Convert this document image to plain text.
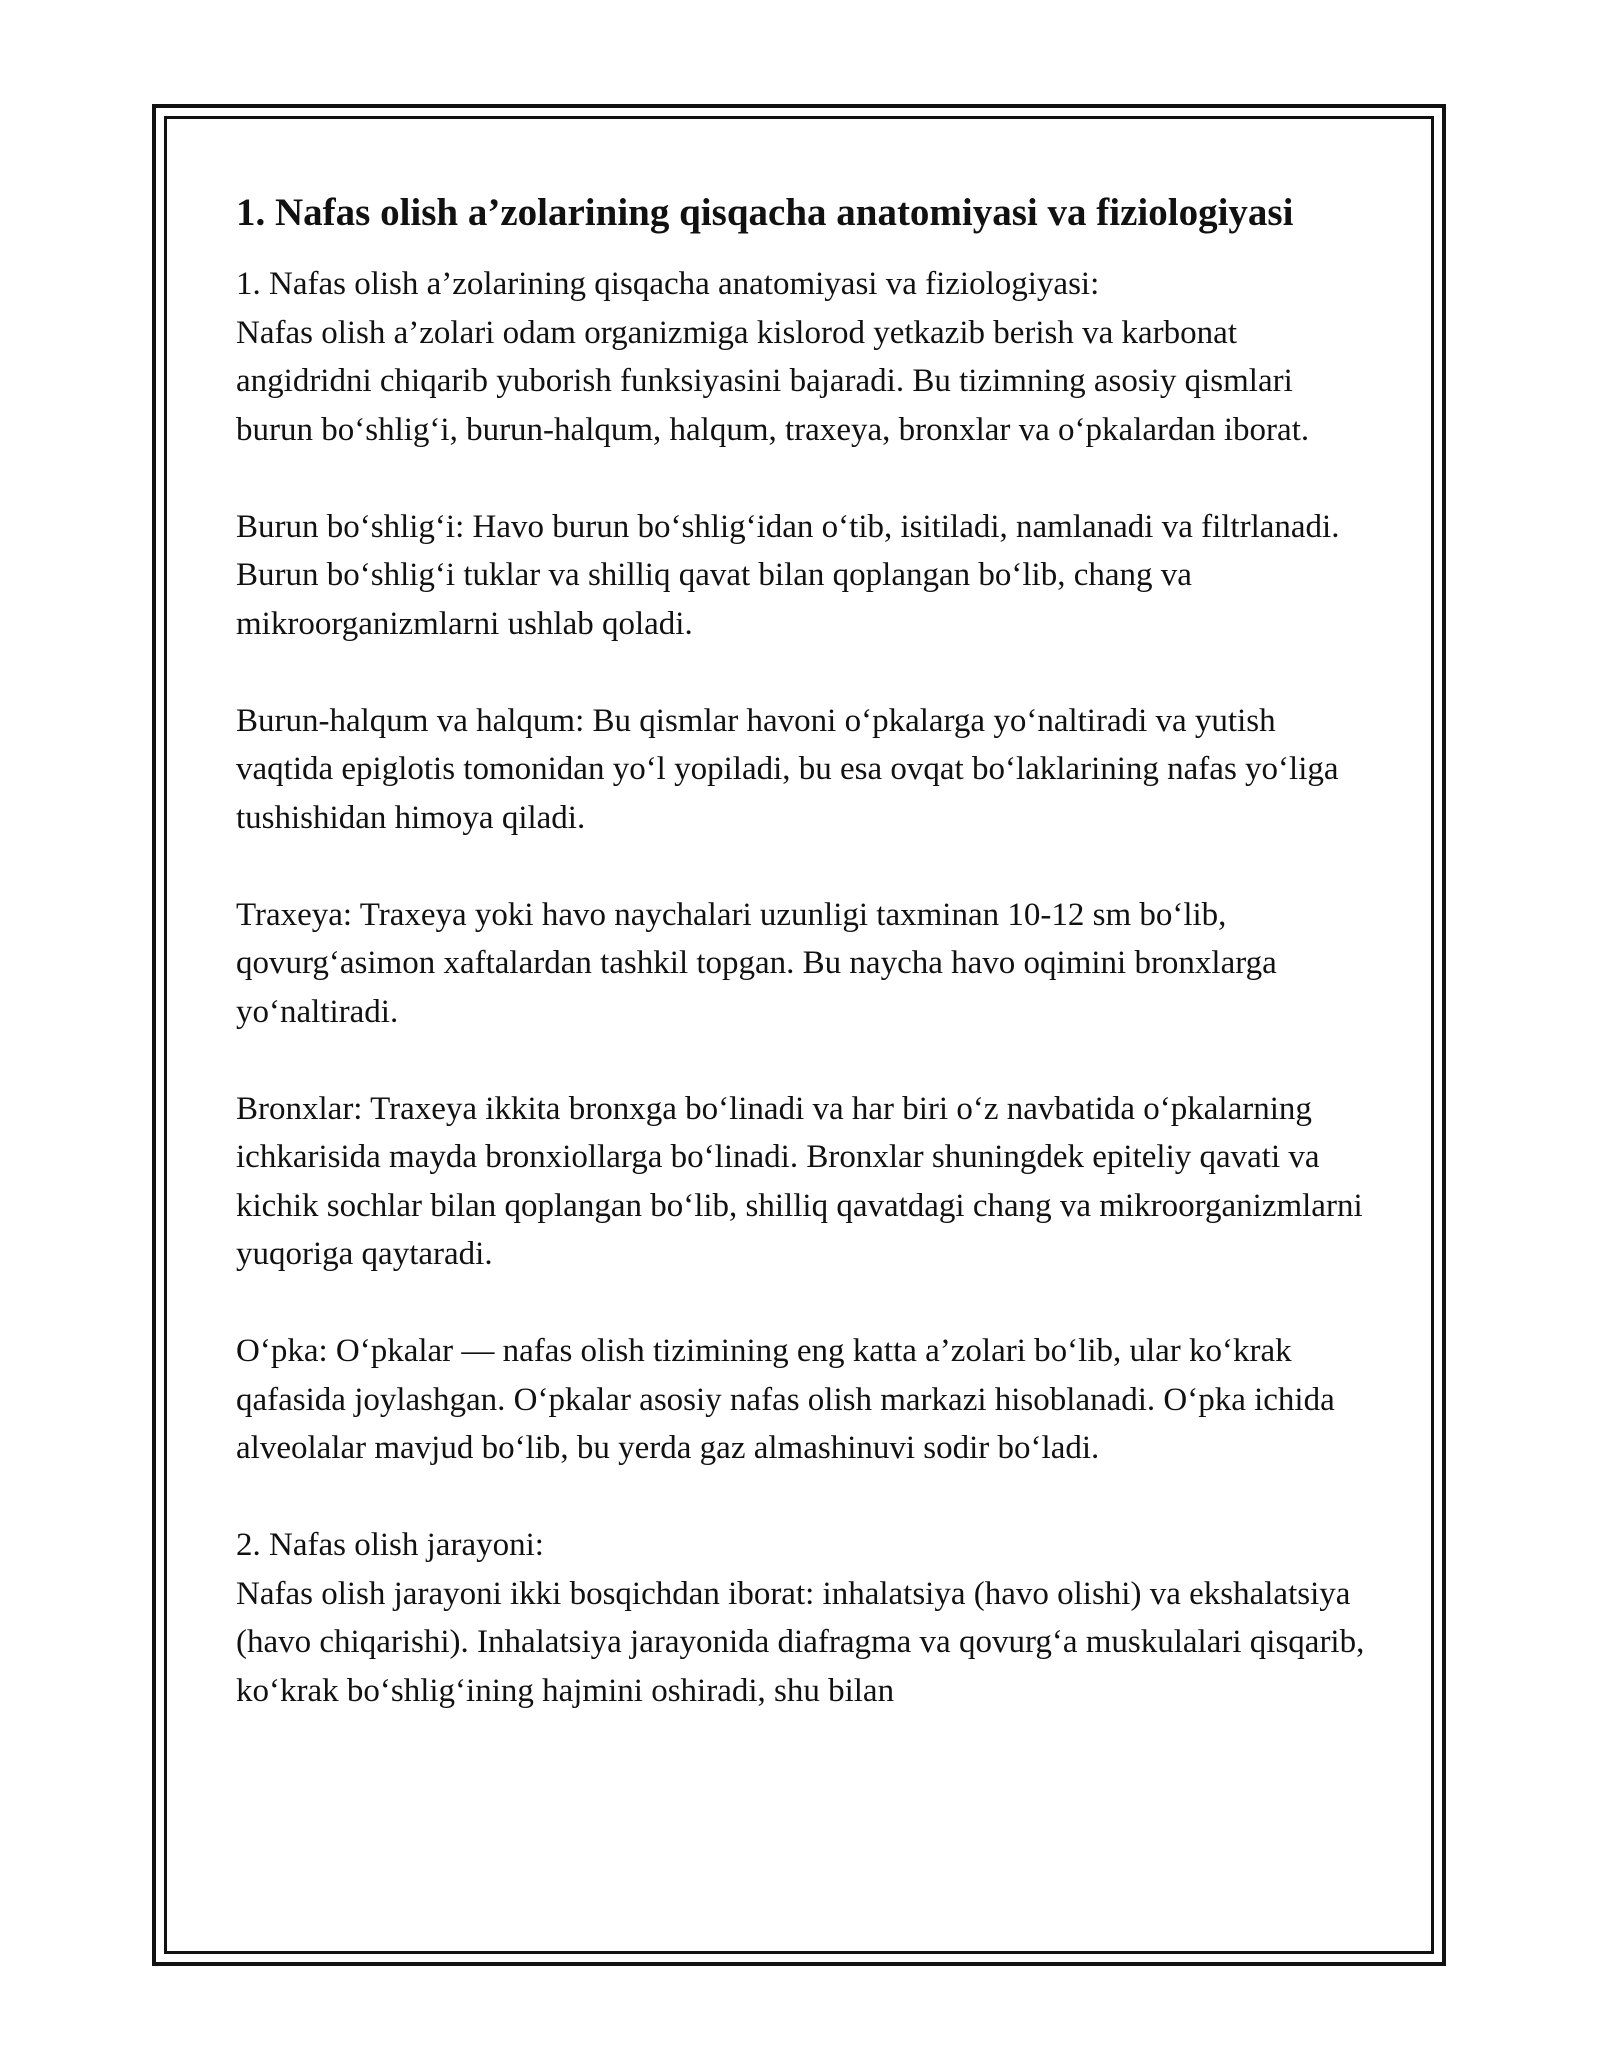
1. Nafas olish a’zolarining qisqacha anatomiyasi va fiziologiyasi
1. Nafas olish a’zolarining qisqacha anatomiyasi va fiziologiyasi:
Nafas olish a’zolari odam organizmiga kislorod yetkazib berish va karbonat angidridni chiqarib yuborish funksiyasini bajaradi. Bu tizimning asosiy qismlari burun bo‘shlig‘i, burun-halqum, halqum, traxeya, bronxlar va o‘pkalardan iborat.
Burun bo‘shlig‘i: Havo burun bo‘shlig‘idan o‘tib, isitiladi, namlanadi va filtrlanadi. Burun bo‘shlig‘i tuklar va shilliq qavat bilan qoplangan bo‘lib, chang va mikroorganizmlarni ushlab qoladi.
Burun-halqum va halqum: Bu qismlar havoni o‘pkalarga yo‘naltiradi va yutish vaqtida epiglotis tomonidan yo‘l yopiladi, bu esa ovqat bo‘laklarining nafas yo‘liga tushishidan himoya qiladi.
Traxeya: Traxeya yoki havo naychalari uzunligi taxminan 10-12 sm bo‘lib, qovurg‘asimon xaftalardan tashkil topgan. Bu naycha havo oqimini bronxlarga yo‘naltiradi.
Bronxlar: Traxeya ikkita bronxga bo‘linadi va har biri o‘z navbatida o‘pkalarning ichkarisida mayda bronxiollarga bo‘linadi. Bronxlar shuningdek epiteliy qavati va kichik sochlar bilan qoplangan bo‘lib, shilliq qavatdagi chang va mikroorganizmlarni yuqoriga qaytaradi.
O‘pka: O‘pkalar — nafas olish tizimining eng katta a’zolari bo‘lib, ular ko‘krak qafasida joylashgan. O‘pkalar asosiy nafas olish markazi hisoblanadi. O‘pka ichida alveolalar mavjud bo‘lib, bu yerda gaz almashinuvi sodir bo‘ladi.
2. Nafas olish jarayoni:
Nafas olish jarayoni ikki bosqichdan iborat: inhalatsiya (havo olishi) va ekshalatsiya (havo chiqarishi). Inhalatsiya jarayonida diafragma va qovurg‘a muskulalari qisqarib, ko‘krak bo‘shlig‘ining hajmini oshiradi, shu bilan
